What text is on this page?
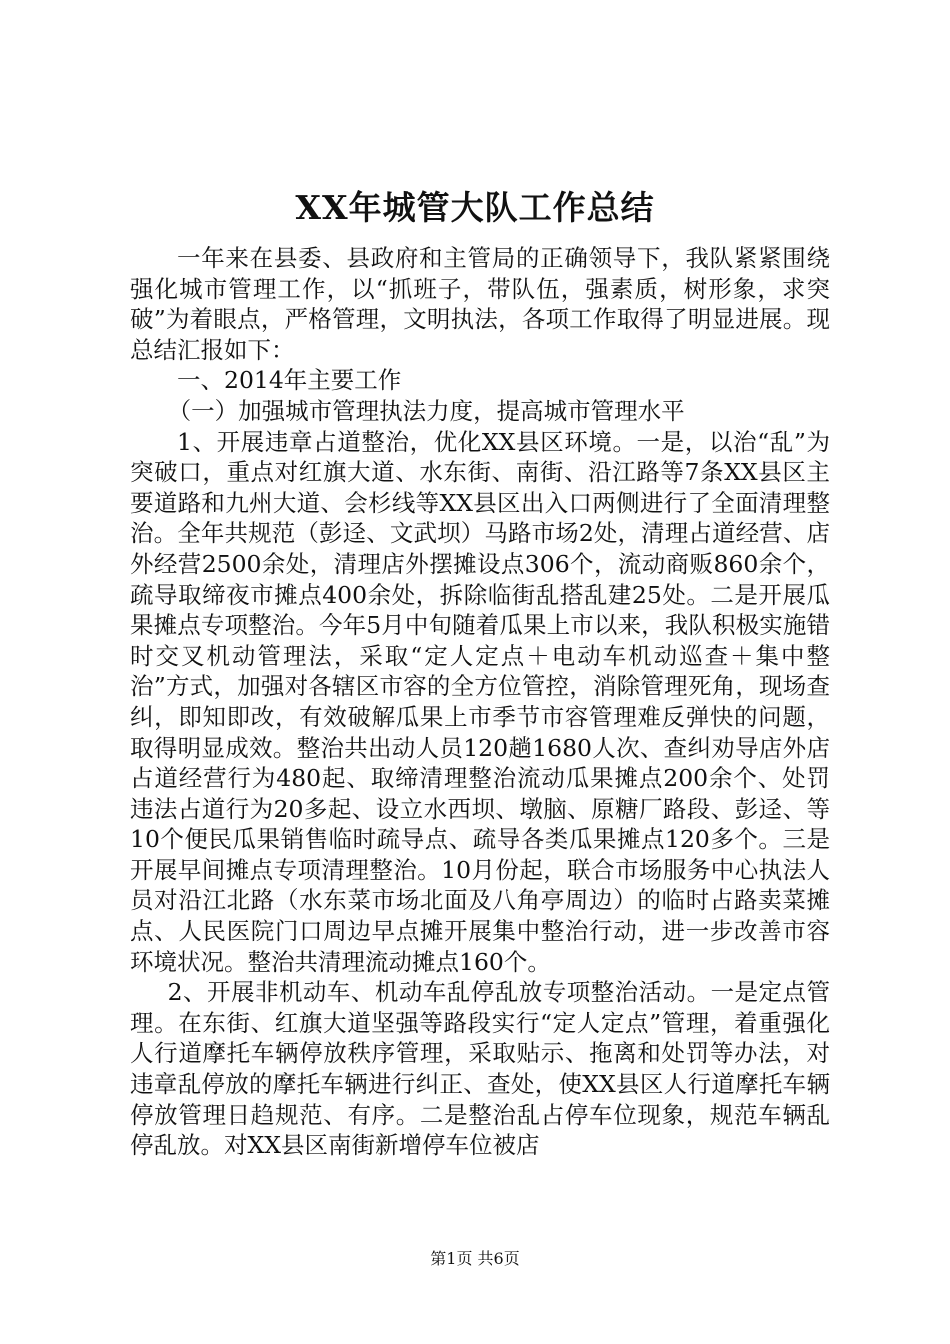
XX年城管大队工作总结

一年来在县委、县政府和主管局的正确领导下，我队紧紧围绕强化城市管理工作，以“抓班子，带队伍，强素质，树形象，求突破”为着眼点，严格管理，文明执法，各项工作取得了明显进展。现总结汇报如下：

一、2014年主要工作

（一）加强城市管理执法力度，提高城市管理水平

1、开展违章占道整治，优化XX县区环境。一是，以治“乱”为突破口，重点对红旗大道、水东街、南街、沿江路等7条XX县区主要道路和九州大道、会杉线等XX县区出入口两侧进行了全面清理整治。全年共规范（彭迳、文武坝）马路市场2处，清理占道经营、店外经营2500余处，清理店外摆摊设点306个，流动商贩860余个，疏导取缔夜市摊点400余处，拆除临街乱搭乱建25处。二是开展瓜果摊点专项整治。今年5月中旬随着瓜果上市以来，我队积极实施错时交叉机动管理法，采取“定人定点＋电动车机动巡查＋集中整治”方式，加强对各辖区市容的全方位管控，消除管理死角，现场查纠，即知即改，有效破解瓜果上市季节市容管理难反弹快的问题，取得明显成效。整治共出动人员120趟1680人次、查纠劝导店外店占道经营行为480起、取缔清理整治流动瓜果摊点200余个、处罚违法占道行为20多起、设立水西坝、墩脑、原糖厂路段、彭迳、等10个便民瓜果销售临时疏导点、疏导各类瓜果摊点120多个。三是开展早间摊点专项清理整治。10月份起，联合市场服务中心执法人员对沿江北路（水东菜市场北面及八角亭周边）的临时占路卖菜摊点、人民医院门口周边早点摊开展集中整治行动，进一步改善市容环境状况。整治共清理流动摊点160个。

2、开展非机动车、机动车乱停乱放专项整治活动。一是定点管理。在东街、红旗大道坚强等路段实行“定人定点”管理，着重强化人行道摩托车辆停放秩序管理，采取贴示、拖离和处罚等办法，对违章乱停放的摩托车辆进行纠正、查处，使XX县区人行道摩托车辆停放管理日趋规范、有序。二是整治乱占停车位现象，规范车辆乱停乱放。对XX县区南街新增停车位被店

第1页 共6页
